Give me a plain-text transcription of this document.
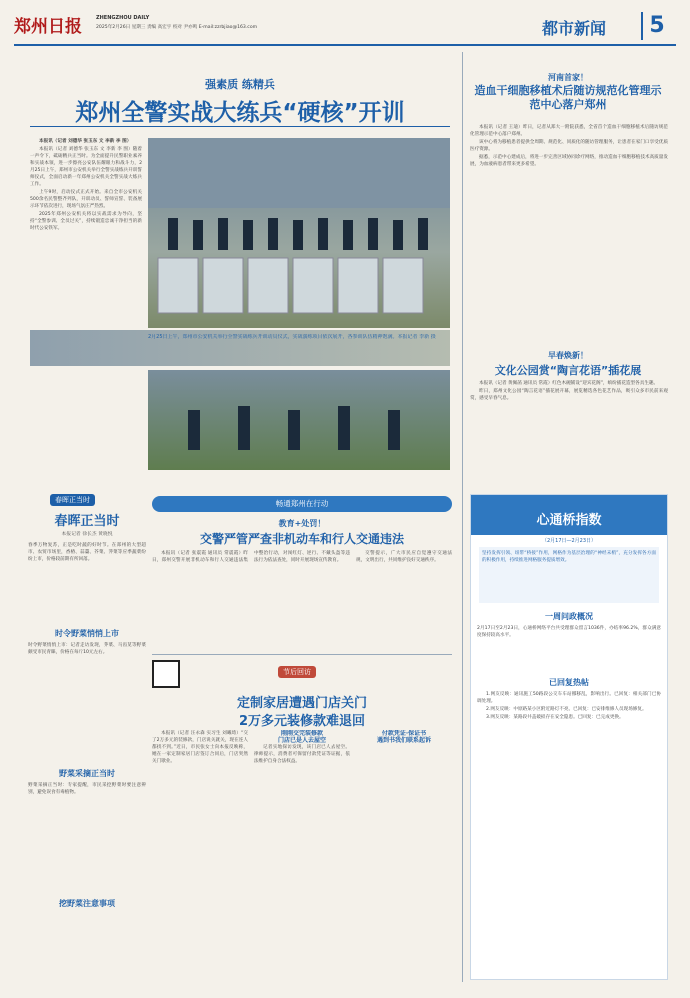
郑州日报	ZHENGZHOU DAILY
2025年2月26日 星期三 责编 高宏宇 校对 尹亦鸣 E-mail:zzrbjiao@163.com	都市新闻	5
强素质 练精兵
郑州全警实战大练兵“硬核”开训

本报讯（记者 刘德华 张玉东 文 李新 李 图）

本报讯（记者 刘德华 张玉东 文 李新 李 图）随着一声令下，砥砺精兵正当时。为全面提升民警职业素养和实战本领，进一步擦亮公安队伍耀眼力和战斗力，2月25日上午，郑州市公安机关举行全警实战练兵开训誓师仪式，全面启动新一年郑州公安机关全警实战大练兵工作。

上午9时，启动仪式正式开始。来自全市公安机关500余名民警整齐列队，开训动员、誓师宣誓、装备展示环节依次进行，现场气氛庄严热烈。

2025年郑州公安机关将以实战需求为导向，坚持“全警参训、全员过关”，持续锻造忠诚干净担当的新时代公安铁军。

2月25日上午，郑州市公安机关举行全警实战练兵开训动员仪式，实战演练项目依次展开，各参训队伍精神饱满。本报记者 李新 摄
河南首家！
造血干细胞移植术后随访规范化管理示范中心落户郑州

本报讯（记者 王迪）昨日，记者从郑大一附院获悉，全省首个造血干细胞移植术后随访规范化管理示范中心落户郑州。

该中心将为移植患者提供全周期、规范化、同质化的随访管理服务，让患者在家门口享受优质医疗资源。

据悉，示范中心建成后，将进一步完善区域协同诊疗网络，推动造血干细胞移植技术高质量发展，为血液病患者带来更多希望。

早春焕新！
文化公园赏“陶言花语”插花展

本报讯（记者 黄佩菡 通讯员 常霞）红色木碗铺设“迎宾花阁”，缤纷插花造型各具生趣。

昨日，郑州文化公园“陶言花语”插花展开幕，展览精选各色花艺作品，吸引众多市民前来观赏，感受早春气息。

心通桥指数
（2月17日—2月23日）
坚持发挥引领、纽带“桥接”作用，网格作为基层治理的“神经末梢”，充分发挥各方面的积极作用，持续推进网格服务提质增效。
一周问政概况
2月17日至2月23日，心通桥网络平台共受理群众留言1036件，办结率96.2%，群众满意度保持较高水平。
已回复热帖

1.网友反映：通讯施工50路段公交车车站挪移乱，影响出行。已回复：相关部门已协调处理。

2.网友反映：中原路某小区附近路灯不亮。已回复：已安排维修人员现场修复。

3.网友反映：某路段井盖破损存在安全隐患。已回复：已完成更换。

春晖正当时
春晖正当时
本报记者 徐长杰 黄晓悦
春季万物复苏，正是吃时蔬的好时节。在郑州的大型超市、农贸市场里，香椿、蒜薹、芥菜、荠菜等应季蔬菜纷纷上市，价格较前期有所回落。
时令野菜悄悄上市
时令野菜悄悄上市：记者走访发现，荠菜、马齿苋等野菜颇受市民青睐，价格在每斤10元左右。
野菜采摘正当时
野菜采摘正当时：专家提醒，市民采挖野菜时要注意辨别，避免误食有毒植物。
挖野菜注意事项
畅通郑州在行动
教育+处罚！
交警严管严查非机动车和行人交通违法

本报讯（记者 张震霞 通讯员 常震霞）昨日，郑州交警开展非机动车和行人交通违法集中整治行动，对闯红灯、逆行、不戴头盔等违法行为依法查处，同时开展现场宣传教育。

交警提示，广大市民应自觉遵守交通法规，文明出行，共同维护良好交通秩序。

节后回访
定制家居遭遇门店关门
2万多元装修款难退回

本报讯（记者 汪永森 实习生 刘曦琦）“交了2万多元的装修款，门店说关就关，现在连人都找不到。”近日，市民张女士向本报反映称，她在一家定制家居门店签订合同后，门店突然关门歇业。

刚刚交完装修款
门店已是人去屋空

记者实地探访发现，该门店已人去屋空。律师提示，消费者可保留付款凭证等证据，依法维护自身合法权益。

付款凭证·保证书
遇到书我们联系起诉
